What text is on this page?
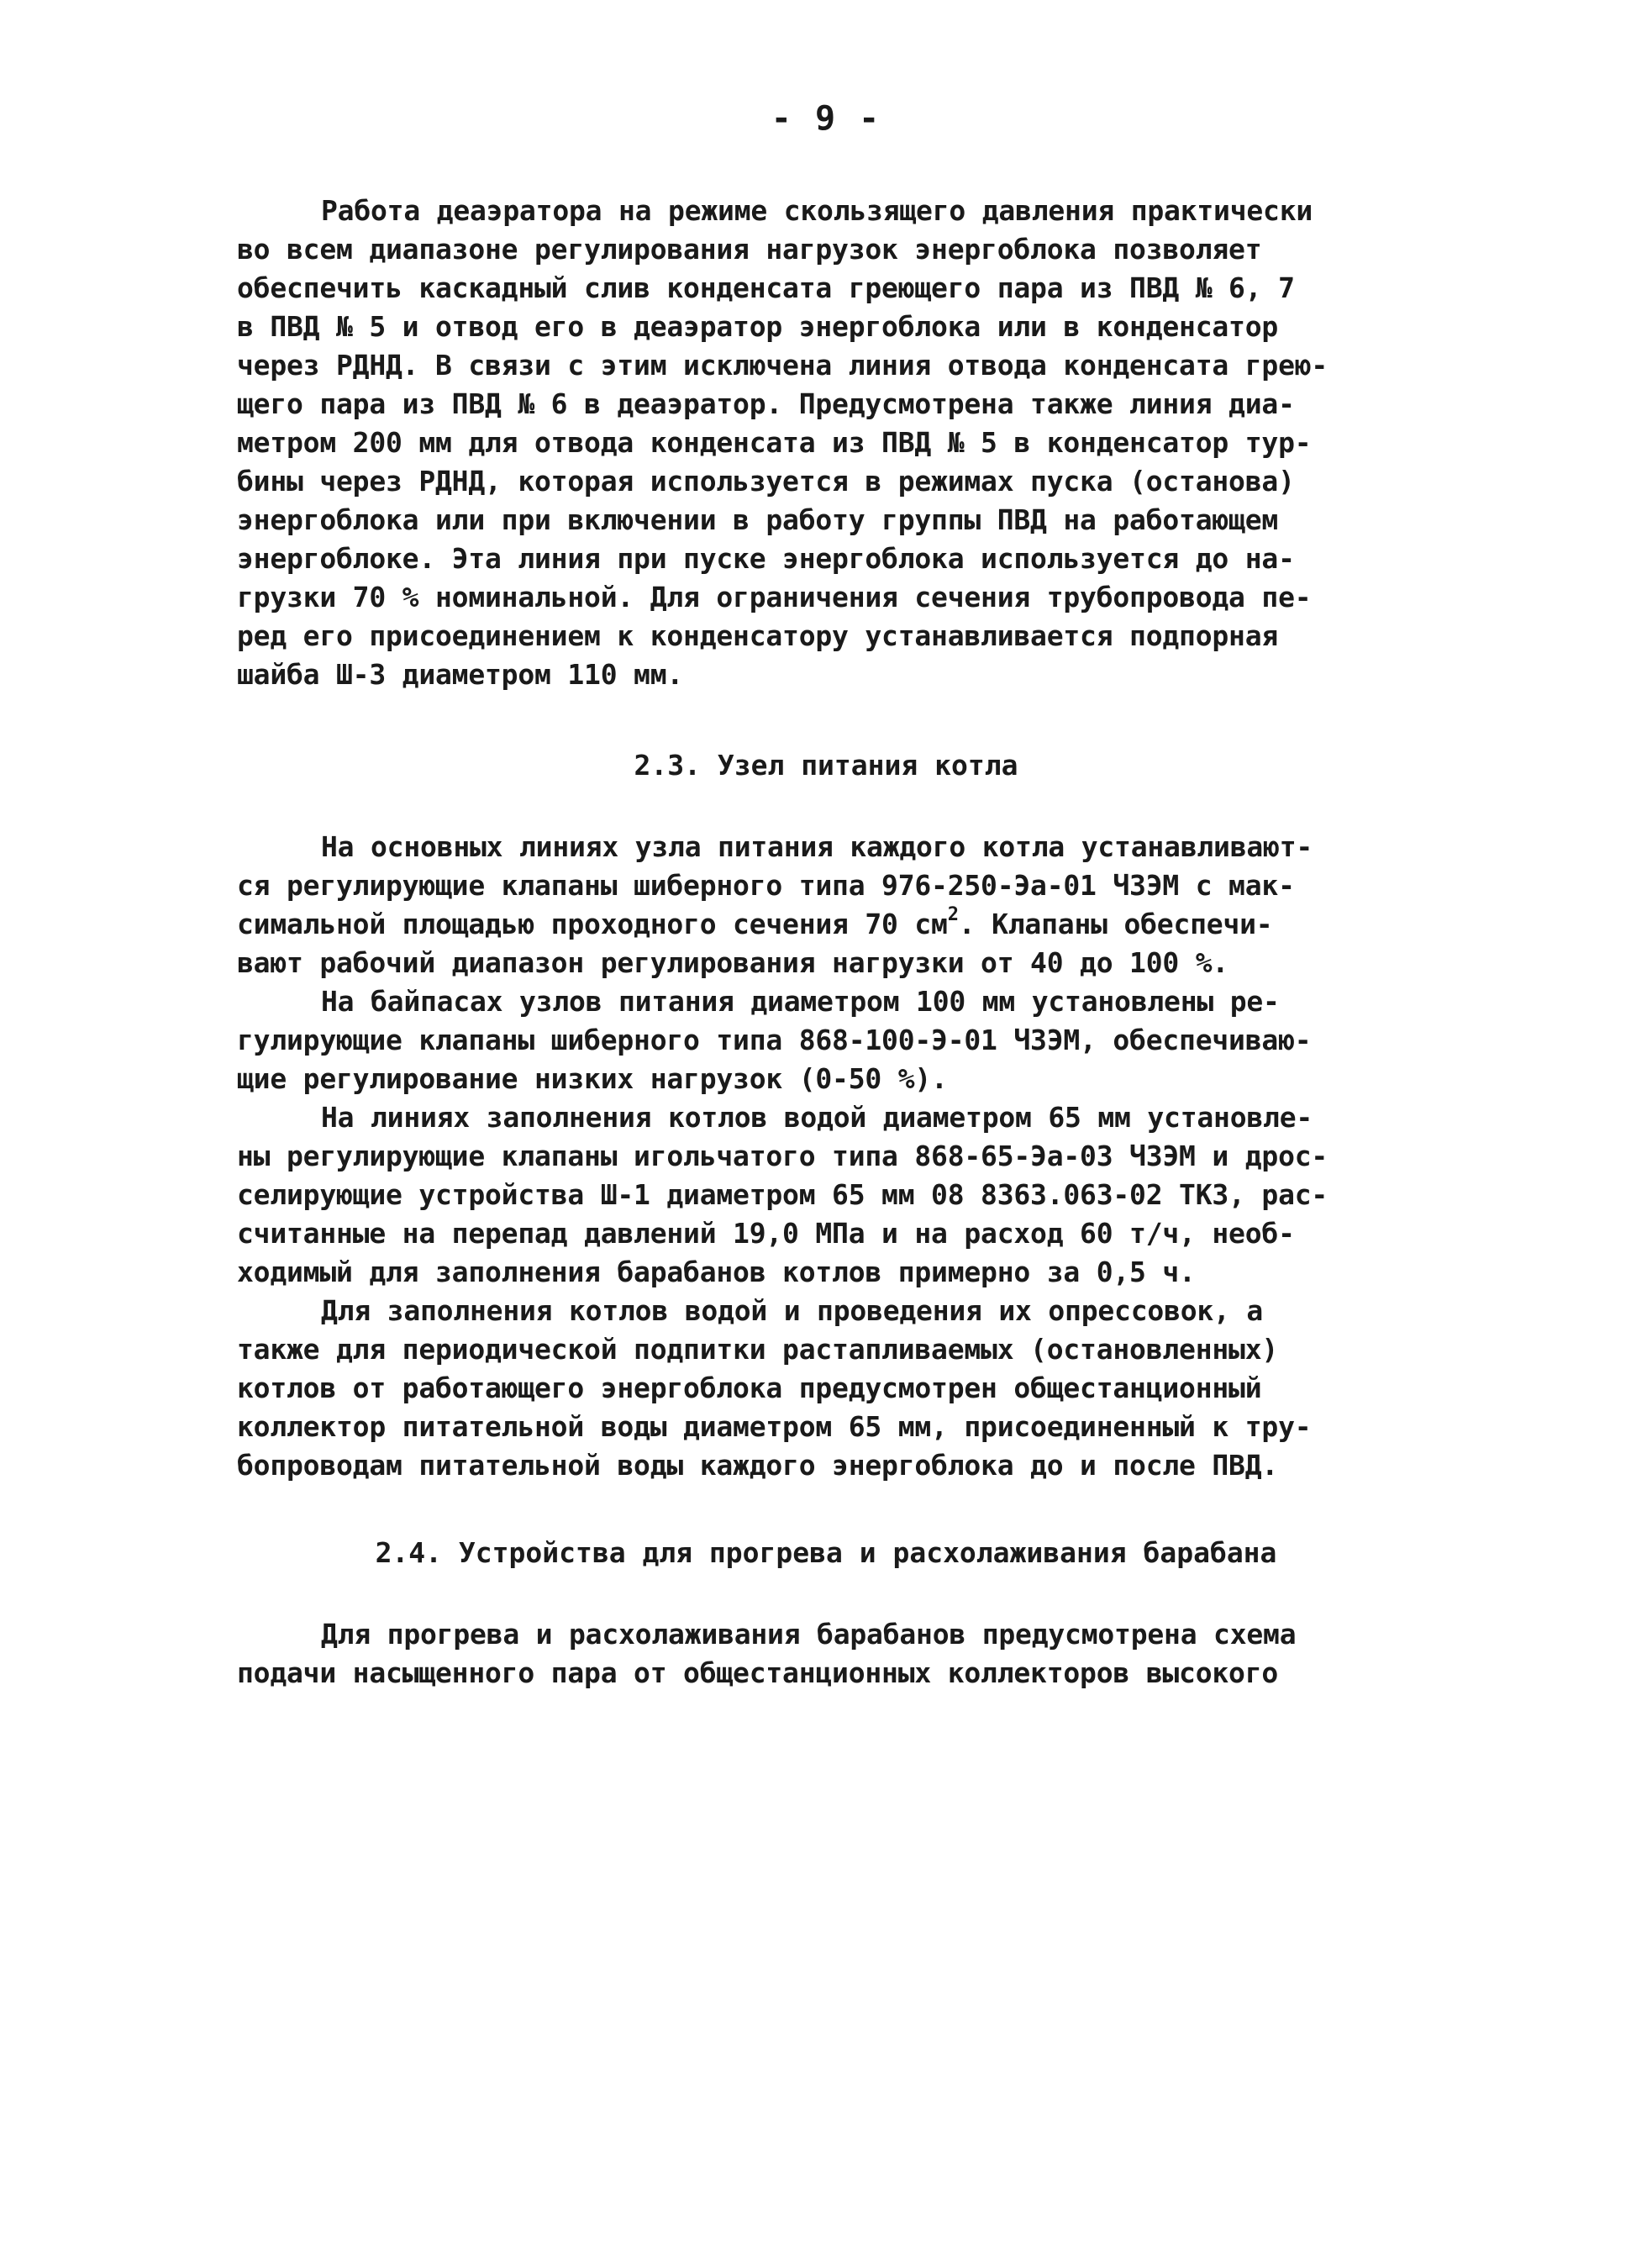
- 9 -
Работа деаэратора на режиме скользящего давления практически
во всем диапазоне регулирования нагрузок энергоблока позволяет
обеспечить каскадный слив конденсата греющего пара из ПВД № 6, 7
в ПВД № 5 и отвод его в деаэратор энергоблока или в конденсатор
через РДНД. В связи с этим исключена линия отвода конденсата грею-
щего пара из ПВД № 6 в деаэратор. Предусмотрена также линия диа-
метром 200 мм для отвода конденсата из ПВД № 5 в конденсатор тур-
бины через РДНД, которая используется в режимах пуска (останова)
энергоблока или при включении в работу группы ПВД на работающем
энергоблоке. Эта линия при пуске энергоблока используется до на-
грузки 70 % номинальной. Для ограничения сечения трубопровода пе-
ред его присоединением к конденсатору устанавливается подпорная
шайба Ш-3 диаметром 110 мм.
2.3. Узел питания котла
На основных линиях узла питания каждого котла устанавливают-
ся регулирующие клапаны шиберного типа 976-250-Эа-01 ЧЗЭМ с мак-
симальной площадью проходного сечения 70 $см^2$. Клапаны обеспечи-
вают рабочий диапазон регулирования нагрузки от 40 до 100 %.
На байпасах узлов питания диаметром 100 мм установлены ре-
гулирующие клапаны шиберного типа 868-100-Э-01 ЧЗЭМ, обеспечиваю-
щие регулирование низких нагрузок (0-50 %).
На линиях заполнения котлов водой диаметром 65 мм установле-
ны регулирующие клапаны игольчатого типа 868-65-Эа-03 ЧЗЭМ и дрос-
селирующие устройства Ш-1 диаметром 65 мм 08 8363.063-02 ТКЗ, рас-
считанные на перепад давлений 19,0 МПа и на расход 60 т/ч, необ-
ходимый для заполнения барабанов котлов примерно за 0,5 ч.
Для заполнения котлов водой и проведения их опрессовок, а
также для периодической подпитки растапливаемых (остановленных)
котлов от работающего энергоблока предусмотрен общестанционный
коллектор питательной воды диаметром 65 мм, присоединенный к тру-
бопроводам питательной воды каждого энергоблока до и после ПВД.
2.4. Устройства для прогрева и расхолаживания барабана
Для прогрева и расхолаживания барабанов предусмотрена схема
подачи насыщенного пара от общестанционных коллекторов высокого
